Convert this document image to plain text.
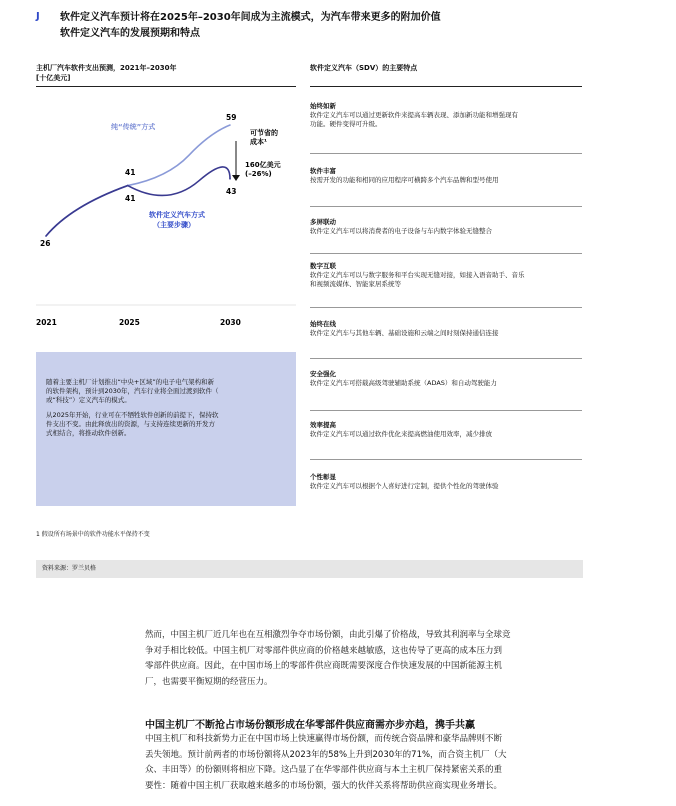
J 软件定义汽车预计将在2025年–2030年间成为主流模式，为汽车带来更多的附加价值
软件定义汽车的发展预期和特点
主机厂汽车软件支出预测，2021年–2030年
[十亿美元]
可节省的
成本¹
160亿美元
(–26%)
纯“传统”方式
软件定义汽车方式
（主要步骤）
26
41
41
59
43
2021	2025	2030

随着主要主机厂计划推出“中央+区域”的电子电气架构和新
的软件架构，预计到2030年，汽车行业将全面过渡到软件（
或“科技”）定义汽车的模式。

从2025年开始，行业可在不牺牲软件创新的前提下，保持软
件支出不变。由此释放出的资源，与支持连续更新的开发方
式相结合，将推动软件创新。

软件定义汽车（SDV）的主要特点
始终如新
软件定义汽车可以通过更新软件来提高车辆表现、添加新功能和增强现有
功能。硬件变得可升级。
软件丰富
按需开发的功能和相同的应用程序可横跨多个汽车品牌和型号使用
多屏联动
软件定义汽车可以将消费者的电子设备与车内数字体验无缝整合
数字互联
软件定义汽车可以与数字服务和平台实现无缝对接，如接入语音助手、音乐
和视频流媒体、智能家居系统等
始终在线
软件定义汽车与其他车辆、基础设施和云端之间时刻保持通信连接
安全强化
软件定义汽车可搭载高级驾驶辅助系统（ADAS）和自动驾驶能力
效率提高
软件定义汽车可以通过软件优化来提高燃油使用效率，减少排放
个性彰显
软件定义汽车可以根据个人喜好进行定制，提供个性化的驾驶体验
1 假设所有场景中的软件功能水平保持不变
资料来源：罗兰贝格
然而，中国主机厂近几年也在互相激烈争夺市场份额，由此引爆了价格战，导致其利润率与全球竞
争对手相比较低。中国主机厂对零部件供应商的价格越来越敏感，这也传导了更高的成本压力到
零部件供应商。因此，在中国市场上的零部件供应商既需要深度合作快速发展的中国新能源主机
厂，也需要平衡短期的经营压力。
中国主机厂不断抢占市场份额形成在华零部件供应商需亦步亦趋，携手共赢
中国主机厂和科技新势力正在中国市场上快速赢得市场份额，而传统合资品牌和豪华品牌则不断
丢失领地。预计前两者的市场份额将从2023年的58%上升到2030年的71%，而合资主机厂（大
众、丰田等）的份额则将相应下降。这凸显了在华零部件供应商与本土主机厂保持紧密关系的重
要性：随着中国主机厂获取越来越多的市场份额，强大的伙伴关系将帮助供应商实现业务增长。
